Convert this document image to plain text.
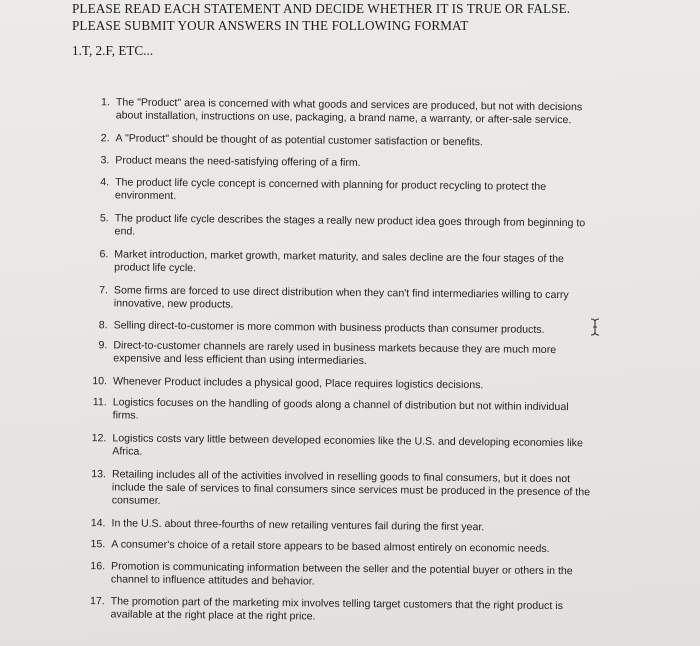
PLEASE READ EACH STATEMENT AND DECIDE WHETHER IT IS TRUE OR FALSE.
PLEASE SUBMIT YOUR ANSWERS IN THE FOLLOWING FORMAT
1.T, 2.F, ETC...
1. The "Product" area is concerned with what goods and services are produced, but not with decisions about installation, instructions on use, packaging, a brand name, a warranty, or after-sale service.
2. A "Product" should be thought of as potential customer satisfaction or benefits.
3. Product means the need-satisfying offering of a firm.
4. The product life cycle concept is concerned with planning for product recycling to protect the environment.
5. The product life cycle describes the stages a really new product idea goes through from beginning to end.
6. Market introduction, market growth, market maturity, and sales decline are the four stages of the product life cycle.
7. Some firms are forced to use direct distribution when they can't find intermediaries willing to carry innovative, new products.
8. Selling direct-to-customer is more common with business products than consumer products.
9. Direct-to-customer channels are rarely used in business markets because they are much more expensive and less efficient than using intermediaries.
10. Whenever Product includes a physical good, Place requires logistics decisions.
11. Logistics focuses on the handling of goods along a channel of distribution but not within individual firms.
12. Logistics costs vary little between developed economies like the U.S. and developing economies like Africa.
13. Retailing includes all of the activities involved in reselling goods to final consumers, but it does not include the sale of services to final consumers since services must be produced in the presence of the consumer.
14. In the U.S. about three-fourths of new retailing ventures fail during the first year.
15. A consumer's choice of a retail store appears to be based almost entirely on economic needs.
16. Promotion is communicating information between the seller and the potential buyer or others in the channel to influence attitudes and behavior.
17. The promotion part of the marketing mix involves telling target customers that the right product is available at the right place at the right price.
